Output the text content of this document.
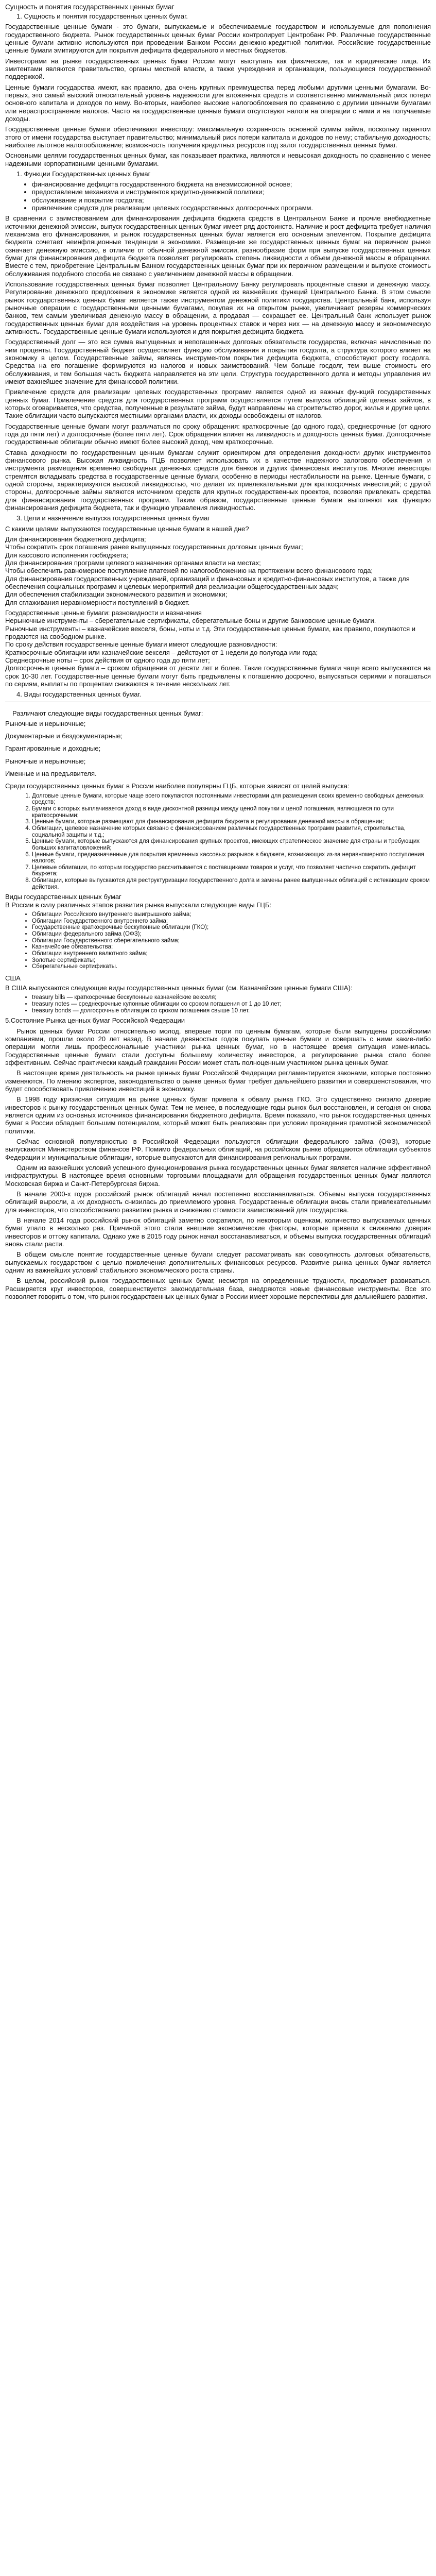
Сущность и понятия государственных ценных бумаг

1. Сущность и понятия государственных ценных бумаг.

Государственные ценные бумаги - это бумаги, выпускаемые и обеспечиваемые государством и используемые для пополнения государственного бюджета. Рынок государственных ценных бумаг России контролирует Центробанк РФ. Различные государственные ценные бумаги активно используются при проведении Банком России денежно-кредитной политики. Российские государственные ценные бумаги эмитируются для покрытия дефицита федерального и местных бюджетов.

Инвесторами на рынке государственных ценных бумаг России могут выступать как физические, так и юридические лица. Их эмитентами являются правительство, органы местной власти, а также учреждения и организации, пользующиеся государственной поддержкой.

Ценные бумаги государства имеют, как правило, два очень крупных преимущества перед любыми другими ценными бумагами. Во-первых, это самый высокий относительный уровень надежности для вложенных средств и соответственно минимальный риск потери основного капитала и доходов по нему. Во-вторых, наиболее высокие налогообложения по сравнению с другими ценными бумагами или нераспространение налогов. Часто на государственные ценные бумаги отсутствуют налоги на операции с ними и на получаемые доходы.

Государственные ценные бумаги обеспечивают инвестору: максимальную сохранность основной суммы займа, поскольку гарантом этого от имени государства выступает правительство; минимальный риск потери капитала и доходов по нему; стабильную доходность; наиболее льготное налогообложение; возможность получения кредитных ресурсов под залог государственных ценных бумаг.

Основными целями государственных ценных бумаг, как показывает практика, являются и невысокая доходность по сравнению с менее надежными корпоративными ценными бумагами.

1. Функции Государственных ценных бумаг

• финансирование дефицита государственного бюджета на внеэмиссионной основе;
• предоставление механизма и инструментов кредитно-денежной политики;
• обслуживание и покрытие госдолга;
• привлечение средств для реализации целевых государственных долгосрочных программ.

В сравнении с заимствованием для финансирования дефицита бюджета средств в Центральном Банке и прочие внебюджетные источники денежной эмиссии, выпуск государственных ценных бумаг имеет ряд достоинств. Наличие и рост дефицита требует наличия механизма его финансирования, и рынок государственных ценных бумаг является его основным элементом. Покрытие дефицита бюджета сочетает неинфляционные тенденции в экономике. Размещение же государственных ценных бумаг на первичном рынке означает денежную эмиссию, в отличие от обычной денежной эмиссии, разнообразие форм при выпуске государственных ценных бумаг для финансирования дефицита бюджета позволяет регулировать степень ликвидности и объем денежной массы в обращении. Вместе с тем, приобретение Центральным Банком государственных ценных бумаг при их первичном размещении и выпуске стоимость обслуживания подобного способа не связано с увеличением денежной массы в обращении.

Использование государственных ценных бумаг позволяет Центральному Банку регулировать процентные ставки и денежную массу. Регулирование денежного предложения в экономике является одной из важнейших функций Центрального Банка. В этом смысле рынок государственных ценных бумаг является также инструментом денежной политики государства. Центральный банк, используя рыночные операции с государственными ценными бумагами, покупая их на открытом рынке, увеличивает резервы коммерческих банков, тем самым увеличивая денежную массу в обращении, а продавая — сокращает ее. Центральный банк использует рынок государственных ценных бумаг для воздействия на уровень процентных ставок и через них — на денежную массу и экономическую активность. Государственные ценные бумаги используются и для покрытия дефицита бюджета.

Государственный долг — это вся сумма выпущенных и непогашенных долговых обязательств государства, включая начисленные по ним проценты. Государственный бюджет осуществляет функцию обслуживания и покрытия госдолга, а структура которого влияет на экономику в целом. Государственные займы, являясь инструментом покрытия дефицита бюджета, способствуют росту госдолга. Средства на его погашение формируются из налогов и новых заимствований. Чем больше госдолг, тем выше стоимость его обслуживания, и тем большая часть бюджета направляется на эти цели. Структура государственного долга и методы управления им имеют важнейшее значение для финансовой политики.

Привлечение средств для реализации целевых государственных программ является одной из важных функций государственных ценных бумаг. Привлечение средств для государственных программ осуществляется путем выпуска облигаций целевых займов, в которых оговаривается, что средства, полученные в результате займа, будут направлены на строительство дорог, жилья и другие цели. Такие облигации часто выпускаются местными органами власти, их доходы освобождены от налогов.

Государственные ценные бумаги могут различаться по сроку обращения: краткосрочные (до одного года), среднесрочные (от одного года до пяти лет) и долгосрочные (более пяти лет). Срок обращения влияет на ликвидность и доходность ценных бумаг. Долгосрочные государственные облигации обычно имеют более высокий доход, чем краткосрочные.

Ставка доходности по государственным ценным бумагам служит ориентиром для определения доходности других инструментов финансового рынка. Высокая ликвидность ГЦБ позволяет использовать их в качестве надежного залогового обеспечения и инструмента размещения временно свободных денежных средств для банков и других финансовых институтов. Многие инвесторы стремятся вкладывать средства в государственные ценные бумаги, особенно в периоды нестабильности на рынке. Ценные бумаги, с одной стороны, характеризуются высокой ликвидностью, что делает их привлекательными для краткосрочных инвестиций; с другой стороны, долгосрочные займы являются источником средств для крупных государственных проектов, позволяя привлекать средства для финансирования государственных программ. Таким образом, государственные ценные бумаги выполняют как функцию финансирования дефицита бюджета, так и функцию управления ликвидностью.

3. Цели и назначение выпуска государственных ценных бумаг

С какими целями выпускаются государственные ценные бумаги в нашей дне?

Для финансирования бюджетного дефицита;

Чтобы сократить срок погашения ранее выпущенных государственных долговых ценных бумаг;

Для кассового исполнения госбюджета;

Для финансирования программ целевого назначения органами власти на местах;

Чтобы обеспечить равномерное поступление платежей по налогообложению на протяжении всего финансового года;

Для финансирования государственных учреждений, организаций и финансовых и кредитно-финансовых институтов, а также для обеспечения социальных программ и целевых мероприятий для реализации общегосударственных задач;

Для обеспечения стабилизации экономического развития и экономики;

Для сглаживания неравномерности поступлений в бюджет.

Государственные ценные бумаги: разновидности и назначения

Нерыночные инструменты – сберегательные сертификаты, сберегательные боны и другие банковские ценные бумаги.

Рыночные инструменты – казначейские векселя, боны, ноты и т.д. Эти государственные ценные бумаги, как правило, покупаются и продаются на свободном рынке.

По сроку действия государственные ценные бумаги имеют следующие разновидности:

Краткосрочные облигации или казначейские векселя – действуют от 1 недели до полугода или года;

Среднесрочные ноты – срок действия от одного года до пяти лет;

Долгосрочные ценные бумаги – сроком обращения от десяти лет и более. Такие государственные бумаги чаще всего выпускаются на срок 10-30 лет. Государственные ценные бумаги могут быть предъявлены к погашению досрочно, выпускаться сериями и погашаться по сериям, выплаты по процентам снижаются в течение нескольких лет.

4. Виды государственных ценных бумаг.

Различают следующие виды государственных ценных бумаг:

Рыночные и нерыночные;

Документарные и бездокументарные;

Гарантированные и доходные;

Рыночные и нерыночные;

Именные и на предъявителя.

Среди государственных ценных бумаг в России наиболее популярны ГЦБ, которые зависят от целей выпуска:

1. Долговые ценные бумаги, которые чаще всего покупаются постоянными инвесторами для размещения своих временно свободных денежных средств;
2. Бумаги с которых выплачивается доход в виде дисконтной разницы между ценой покупки и ценой погашения, являющиеся по сути краткосрочными;
3. Ценные бумаги, которые размещают для финансирования дефицита бюджета и регулирования денежной массы в обращении;
4. Облигации, целевое назначение которых связано с финансированием различных государственных программ развития, строительства, социальной защиты и т.д.;
5. Ценные бумаги, которые выпускаются для финансирования крупных проектов, имеющих стратегическое значение для страны и требующих больших капиталовложений;
6. Ценные бумаги, предназначенные для покрытия временных кассовых разрывов в бюджете, возникающих из-за неравномерного поступления налогов;
7. Целевые облигации, по которым государство рассчитывается с поставщиками товаров и услуг, что позволяет частично сократить дефицит бюджета;
8. Облигации, которые выпускаются для реструктуризации государственного долга и замены ранее выпущенных облигаций с истекающим сроком действия.

Виды государственных ценных бумаг

В России в силу различных этапов развития рынка выпускали следующие виды ГЦБ:

• Облигации Российского внутреннего выигрышного займа;
• Облигации Государственного внутреннего займа;
• Государственные краткосрочные бескупонные облигации (ГКО);
• Облигации федерального займа (ОФЗ);
• Облигации Государственного сберегательного займа;
• Казначейские обязательства;
• Облигации внутреннего валютного займа;
• Золотые сертификаты;
• Сберегательные сертификаты.

США

В США выпускаются следующие виды государственных ценных бумаг (см. Казначейские ценные бумаги США):

• treasury bills — краткосрочные бескупонные казначейские векселя;
• treasury notes — среднесрочные купонные облигации со сроком погашения от 1 до 10 лет;
• treasury bonds — долгосрочные облигации со сроком погашения свыше 10 лет.

5.Состояние Рынка ценных бумаг Российской Федерации

Рынок ценных бумаг России относительно молод, впервые торги по ценным бумагам, которые были выпущены российскими компаниями, прошли около 20 лет назад. В начале девяностых годов покупать ценные бумаги и совершать с ними какие-либо операции могли лишь профессиональные участники рынка ценных бумаг, но в настоящее время ситуация изменилась. Государственные ценные бумаги стали доступны большему количеству инвесторов, а регулирование рынка стало более эффективным. Сейчас практически каждый гражданин России может стать полноценным участником рынка ценных бумаг.

В настоящее время деятельность на рынке ценных бумаг Российской Федерации регламентируется законами, которые постоянно изменяются. По мнению экспертов, законодательство о рынке ценных бумаг требует дальнейшего развития и совершенствования, что будет способствовать привлечению инвестиций в экономику.

В 1998 году кризисная ситуация на рынке ценных бумаг привела к обвалу рынка ГКО. Это существенно снизило доверие инвесторов к рынку государственных ценных бумаг. Тем не менее, в последующие годы рынок был восстановлен, и сегодня он снова является одним из основных источников финансирования бюджетного дефицита. Время показало, что рынок государственных ценных бумаг в России обладает большим потенциалом, который может быть реализован при условии проведения грамотной экономической политики.

Сейчас основной популярностью в Российской Федерации пользуются облигации федерального займа (ОФЗ), которые выпускаются Министерством финансов РФ. Помимо федеральных облигаций, на российском рынке обращаются облигации субъектов Федерации и муниципальные облигации, которые выпускаются для финансирования региональных программ.

Одним из важнейших условий успешного функционирования рынка государственных ценных бумаг является наличие эффективной инфраструктуры. В настоящее время основными торговыми площадками для обращения государственных ценных бумаг являются Московская биржа и Санкт-Петербургская биржа.

В начале 2000-х годов российский рынок облигаций начал постепенно восстанавливаться. Объемы выпуска государственных облигаций выросли, а их доходность снизилась до приемлемого уровня. Государственные облигации вновь стали привлекательными для инвесторов, что способствовало развитию рынка и снижению стоимости заимствований для государства.

В начале 2014 года российский рынок облигаций заметно сократился, по некоторым оценкам, количество выпускаемых ценных бумаг упало в несколько раз. Причиной этого стали внешние экономические факторы, которые привели к снижению доверия инвесторов и оттоку капитала. Однако уже в 2015 году рынок начал восстанавливаться, и объемы выпуска государственных облигаций вновь стали расти.

В общем смысле понятие государственные ценные бумаги следует рассматривать как совокупность долговых обязательств, выпускаемых государством с целью привлечения дополнительных финансовых ресурсов. Развитие рынка ценных бумаг является одним из важнейших условий стабильного экономического роста страны.

В целом, российский рынок государственных ценных бумаг, несмотря на определенные трудности, продолжает развиваться. Расширяется круг инвесторов, совершенствуется законодательная база, внедряются новые финансовые инструменты. Все это позволяет говорить о том, что рынок государственных ценных бумаг в России имеет хорошие перспективы для дальнейшего развития.
